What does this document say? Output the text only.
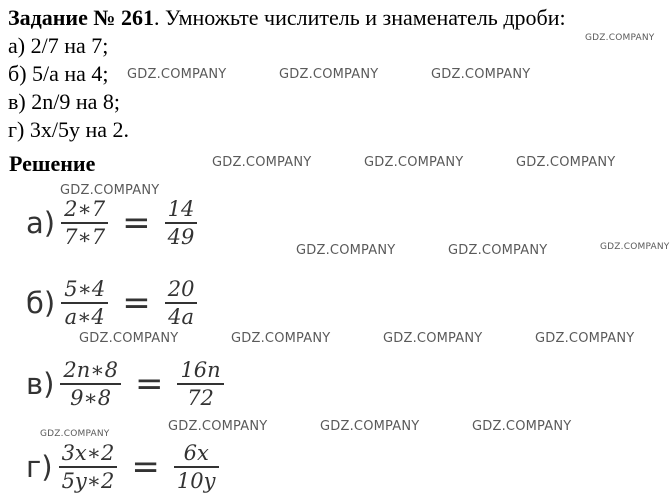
Задание № 261. Умножьте числитель и знаменатель дроби:
а) 2/7 на 7;
б) 5/а на 4;
в) 2n/9 на 8;
г) 3x/5y на 2.
Решение
$а) \frac{2∗7}{7∗7} = \frac{14}{49}$
$б) \frac{5∗4}{a∗4} = \frac{20}{4a}$
$в) \frac{2n∗8}{9∗8} = \frac{16n}{72}$
$г) \frac{3x∗2}{5y∗2} = \frac{6x}{10y}$
GDZ.COMPANY
GDZ.COMPANY	GDZ.COMPANY	GDZ.COMPANY
GDZ.COMPANY	GDZ.COMPANY	GDZ.COMPANY
GDZ.COMPANY
GDZ.COMPANY	GDZ.COMPANY	GDZ.COMPANY
GDZ.COMPANY	GDZ.COMPANY	GDZ.COMPANY	GDZ.COMPANY
GDZ.COMPANY	GDZ.COMPANY	GDZ.COMPANY	GDZ.COMPANY
